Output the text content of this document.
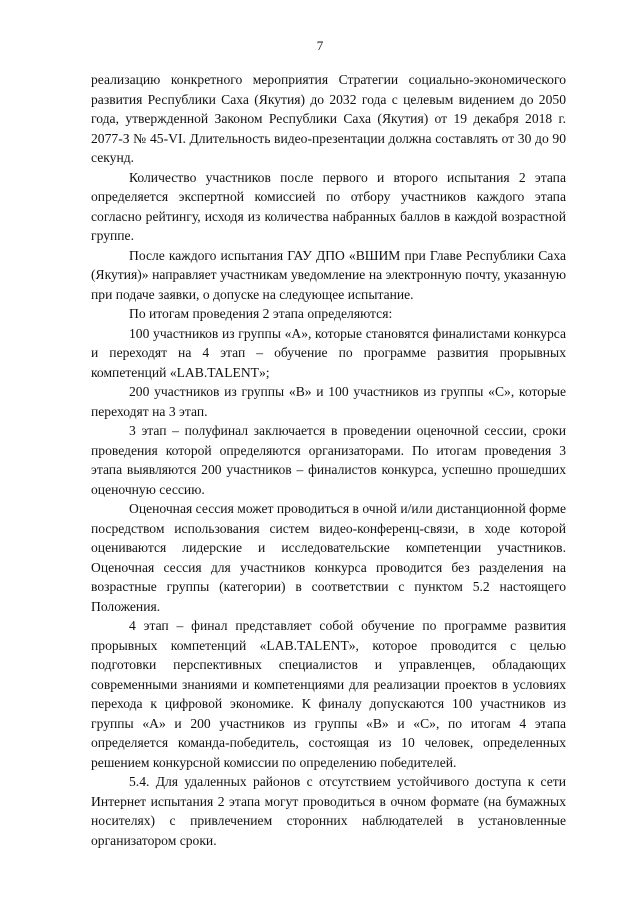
7

реализацию конкретного мероприятия Стратегии социально-экономического развития Республики Саха (Якутия) до 2032 года с целевым видением до 2050 года, утвержденной Законом Республики Саха (Якутия) от 19 декабря 2018 г. 2077-З № 45-VI. Длительность видео-презентации должна составлять от 30 до 90 секунд.

Количество участников после первого и второго испытания 2 этапа определяется экспертной комиссией по отбору участников каждого этапа согласно рейтингу, исходя из количества набранных баллов в каждой возрастной группе.

После каждого испытания ГАУ ДПО «ВШИМ при Главе Республики Саха (Якутия)» направляет участникам уведомление на электронную почту, указанную при подаче заявки, о допуске на следующее испытание.

По итогам проведения 2 этапа определяются:

100 участников из группы «А», которые становятся финалистами конкурса и переходят на 4 этап – обучение по программе развития прорывных компетенций «LAB.TALENT»;

200 участников из группы «В» и 100 участников из группы «С», которые переходят на 3 этап.

3 этап – полуфинал заключается в проведении оценочной сессии, сроки проведения которой определяются организаторами. По итогам проведения 3 этапа выявляются 200 участников – финалистов конкурса, успешно прошедших оценочную сессию.

Оценочная сессия может проводиться в очной и/или дистанционной форме посредством использования систем видео-конференц-связи, в ходе которой оцениваются лидерские и исследовательские компетенции участников. Оценочная сессия для участников конкурса проводится без разделения на возрастные группы (категории) в соответствии с пунктом 5.2 настоящего Положения.

4 этап – финал представляет собой обучение по программе развития прорывных компетенций «LAB.TALENT», которое проводится с целью подготовки перспективных специалистов и управленцев, обладающих современными знаниями и компетенциями для реализации проектов в условиях перехода к цифровой экономике. К финалу допускаются 100 участников из группы «А» и 200 участников из группы «В» и «С», по итогам 4 этапа определяется команда-победитель, состоящая из 10 человек, определенных решением конкурсной комиссии по определению победителей.

5.4. Для удаленных районов с отсутствием устойчивого доступа к сети Интернет испытания 2 этапа могут проводиться в очном формате (на бумажных носителях) с привлечением сторонних наблюдателей в установленные организатором сроки.
